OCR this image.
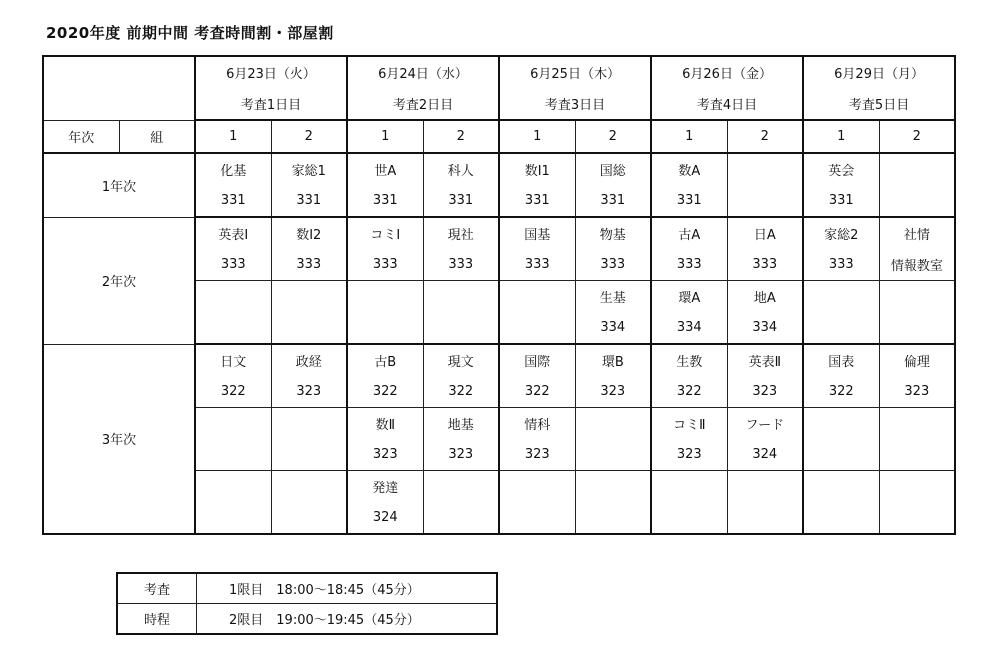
2020年度 前期中間 考査時間割・部屋割
		6月23日（火）		6月24日（水）		6月25日（木）		6月26日（金）		6月29日（月）	
		考査1日目		考査2日目		考査3日目		考査4日目		考査5日目	
年次	組	1	2	1	2	1	2	1	2	1	2
1年次		化基	家総1	世A	科人	数Ⅰ1	国総	数A		英会	
		331	331	331	331	331	331	331		331	
2年次		英表Ⅰ	数Ⅰ2	コミⅠ	現社	国基	物基	古A	日A	家総2	社情
		333	333	333	333	333	333	333	333	333	情報教室
							生基	環A	地A		
							334	334	334		
3年次		日文	政経	古B	現文	国際	環B	生教	英表Ⅱ	国表	倫理
		322	323	322	322	322	323	322	323	322	323
				数Ⅱ	地基	情科		コミⅡ	フード		
				323	323	323		323	324		
				発達							
				324							
考査	1限目　18:00～18:45（45分）
時程	2限目　19:00～19:45（45分）
